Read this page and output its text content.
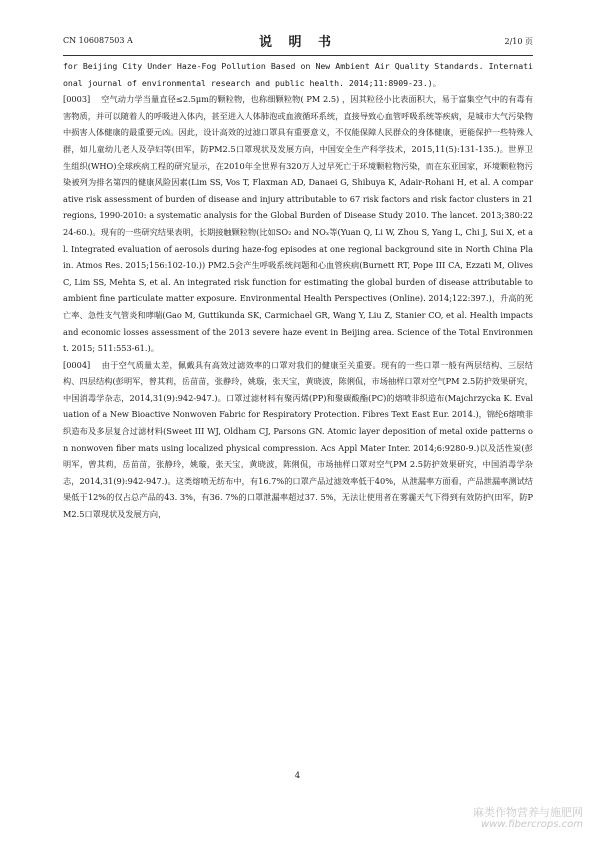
CN 106087503 A	说 明 书	2/10 页

for Beijing City Under Haze-Fog Pollution Based on New Ambient Air Quality Standards. International journal of environmental research and public health. 2014;11:8909-23.)。

[0003] 空气动力学当量直径≤2.5μm的颗粒物，也称细颗粒物( PM 2.5) ，因其粒径小比表面积大，易于富集空气中的有毒有害物质，并可以随着人的呼吸进入体内，甚至进入人体肺泡或血液循环系统，直接导致心血管呼吸系统等疾病，是城市大气污染物中损害人体健康的最重要元凶。因此，设计高效的过滤口罩具有重要意义，不仅能保障人民群众的身体健康，更能保护一些特殊人群，如儿童幼儿老人及孕妇等(田军，防PM2.5口罩现状及发展方向，中国安全生产科学技术，2015,11(5):131-135.)。世界卫生组织(WHO)全球疾病工程的研究显示，在2010年全世界有320万人过早死亡于环境颗粒物污染，而在东亚国家，环境颗粒物污染被列为排名第四的健康风险因素(Lim SS, Vos T, Flaxman AD, Danaei G, Shibuya K, Adair-Rohani H, et al. A comparative risk assessment of burden of disease and injury attributable to 67 risk factors and risk factor clusters in 21 regions, 1990-2010: a systematic analysis for the Global Burden of Disease Study 2010. The lancet. 2013;380:2224-60.)。现有的一些研究结果表明，长期接触颗粒物(比如SO₂ and NOₓ等(Yuan Q, Li W, Zhou S, Yang L, Chi J, Sui X, et al. Integrated evaluation of aerosols during haze-fog episodes at one regional background site in North China Plain. Atmos Res. 2015;156:102-10.)) PM2.5会产生呼吸系统问题和心血管疾病(Burnett RT, Pope III CA, Ezzati M, Olives C, Lim SS, Mehta S, et al. An integrated risk function for estimating the global burden of disease attributable to ambient fine particulate matter exposure. Environmental Health Perspectives (Online). 2014;122:397.)，升高的死亡率、急性支气管炎和哮喘(Gao M, Guttikunda SK, Carmichael GR, Wang Y, Liu Z, Stanier CO, et al. Health impacts and economic losses assessment of the 2013 severe haze event in Beijing area. Science of the Total Environment. 2015; 511:553-61.)。

[0004] 由于空气质量太差，佩戴具有高效过滤效率的口罩对我们的健康至关重要。现有的一些口罩一般有两层结构、三层结构、四层结构(彭明军，曾其莉，岳苗苗，张静玲，姚璇，张天宝，黄晓波，陈俐侃，市场抽样口罩对空气PM 2.5防护效果研究，中国消毒学杂志，2014,31(9):942-947.)。口罩过滤材料有聚丙烯(PP)和聚碳酸酯(PC)的熔喷非织造布(Majchrzycka K. Evaluation of a New Bioactive Nonwoven Fabric for Respiratory Protection. Fibres Text East Eur. 2014.)，锦纶6熔喷非织造布及多层复合过滤材料(Sweet III WJ, Oldham CJ, Parsons GN. Atomic layer deposition of metal oxide patterns on nonwoven fiber mats using localized physical compression. Acs Appl Mater Inter. 2014;6:9280-9.)以及活性炭(彭明军，曾其莉，岳苗苗，张静玲，姚璇，张天宝，黄晓波，陈俐侃，市场抽样口罩对空气PM 2.5防护效果研究，中国消毒学杂志，2014,31(9):942-947.)。这类熔喷无纺布中，有16.7%的口罩产品过滤效率低于40%，从泄漏率方面看，产品泄漏率测试结果低于12%的仅占总产品的43. 3%，有36. 7%的口罩泄漏率超过37. 5%，无法让使用者在雾霾天气下得到有效防护(田军，防PM2.5口罩现状及发展方向，

4
麻类作物营养与施肥网
www.fibercrops.com
